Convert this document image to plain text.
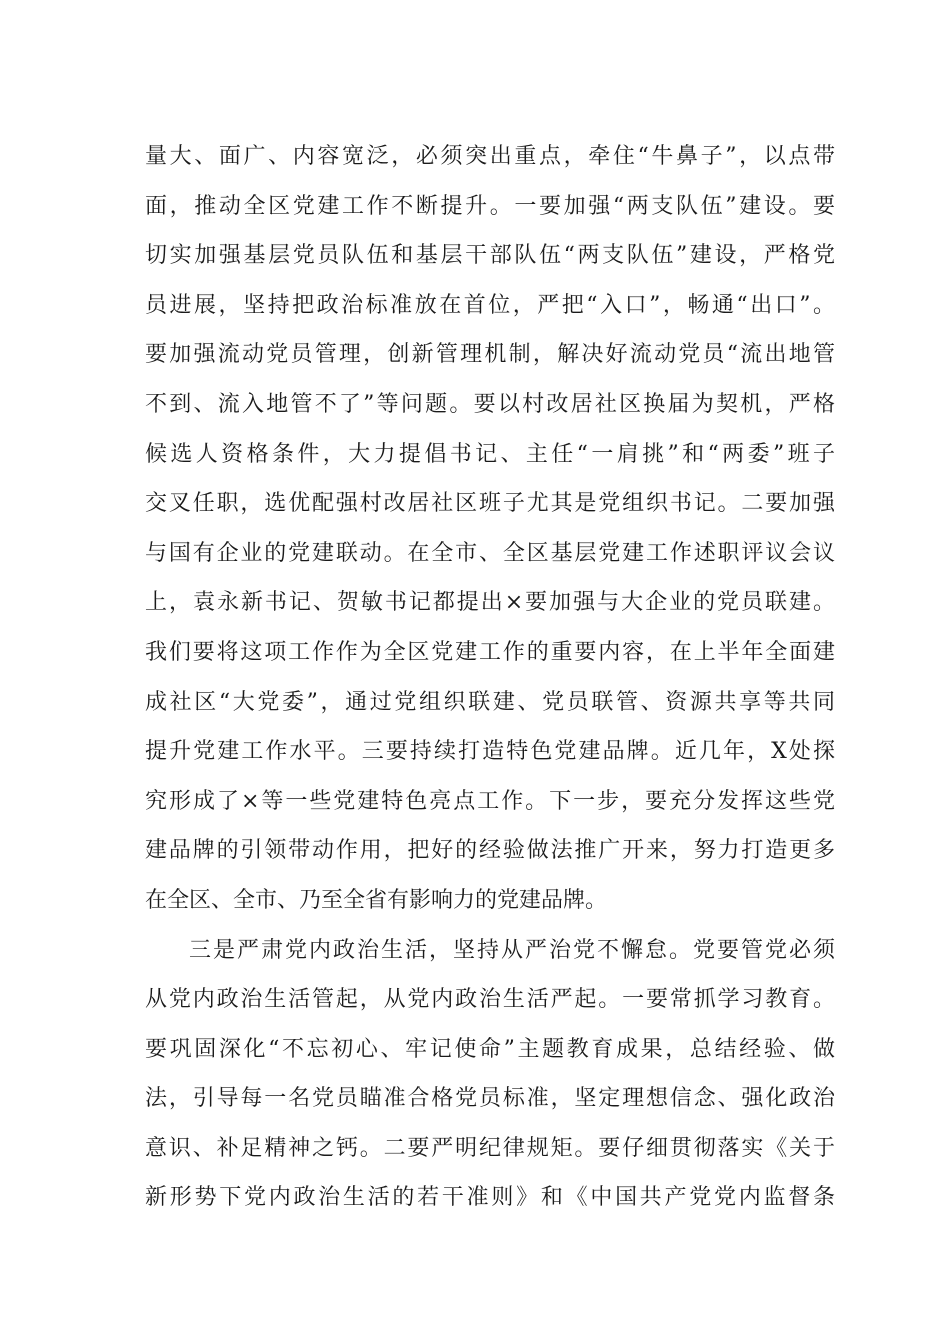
量大、面广、内容宽泛，必须突出重点，牵住“牛鼻子”，以点带
面，推动全区党建工作不断提升。一要加强“两支队伍”建设。要
切实加强基层党员队伍和基层干部队伍“两支队伍”建设，严格党
员进展，坚持把政治标准放在首位，严把“入口”，畅通“出口”。
要加强流动党员管理，创新管理机制，解决好流动党员“流出地管
不到、流入地管不了”等问题。要以村改居社区换届为契机，严格
候选人资格条件，大力提倡书记、主任“一肩挑”和“两委”班子
交叉任职，选优配强村改居社区班子尤其是党组织书记。二要加强
与国有企业的党建联动。在全市、全区基层党建工作述职评议会议
上，袁永新书记、贺敏书记都提出×要加强与大企业的党员联建。
我们要将这项工作作为全区党建工作的重要内容，在上半年全面建
成社区“大党委”，通过党组织联建、党员联管、资源共享等共同
提升党建工作水平。三要持续打造特色党建品牌。近几年，X处探
究形成了×等一些党建特色亮点工作。下一步，要充分发挥这些党
建品牌的引领带动作用，把好的经验做法推广开来，努力打造更多
在全区、全市、乃至全省有影响力的党建品牌。
三是严肃党内政治生活，坚持从严治党不懈怠。党要管党必须
从党内政治生活管起，从党内政治生活严起。一要常抓学习教育。
要巩固深化“不忘初心、牢记使命”主题教育成果，总结经验、做
法，引导每一名党员瞄准合格党员标准，坚定理想信念、强化政治
意识、补足精神之钙。二要严明纪律规矩。要仔细贯彻落实《关于
新形势下党内政治生活的若干准则》和《中国共产党党内监督条
